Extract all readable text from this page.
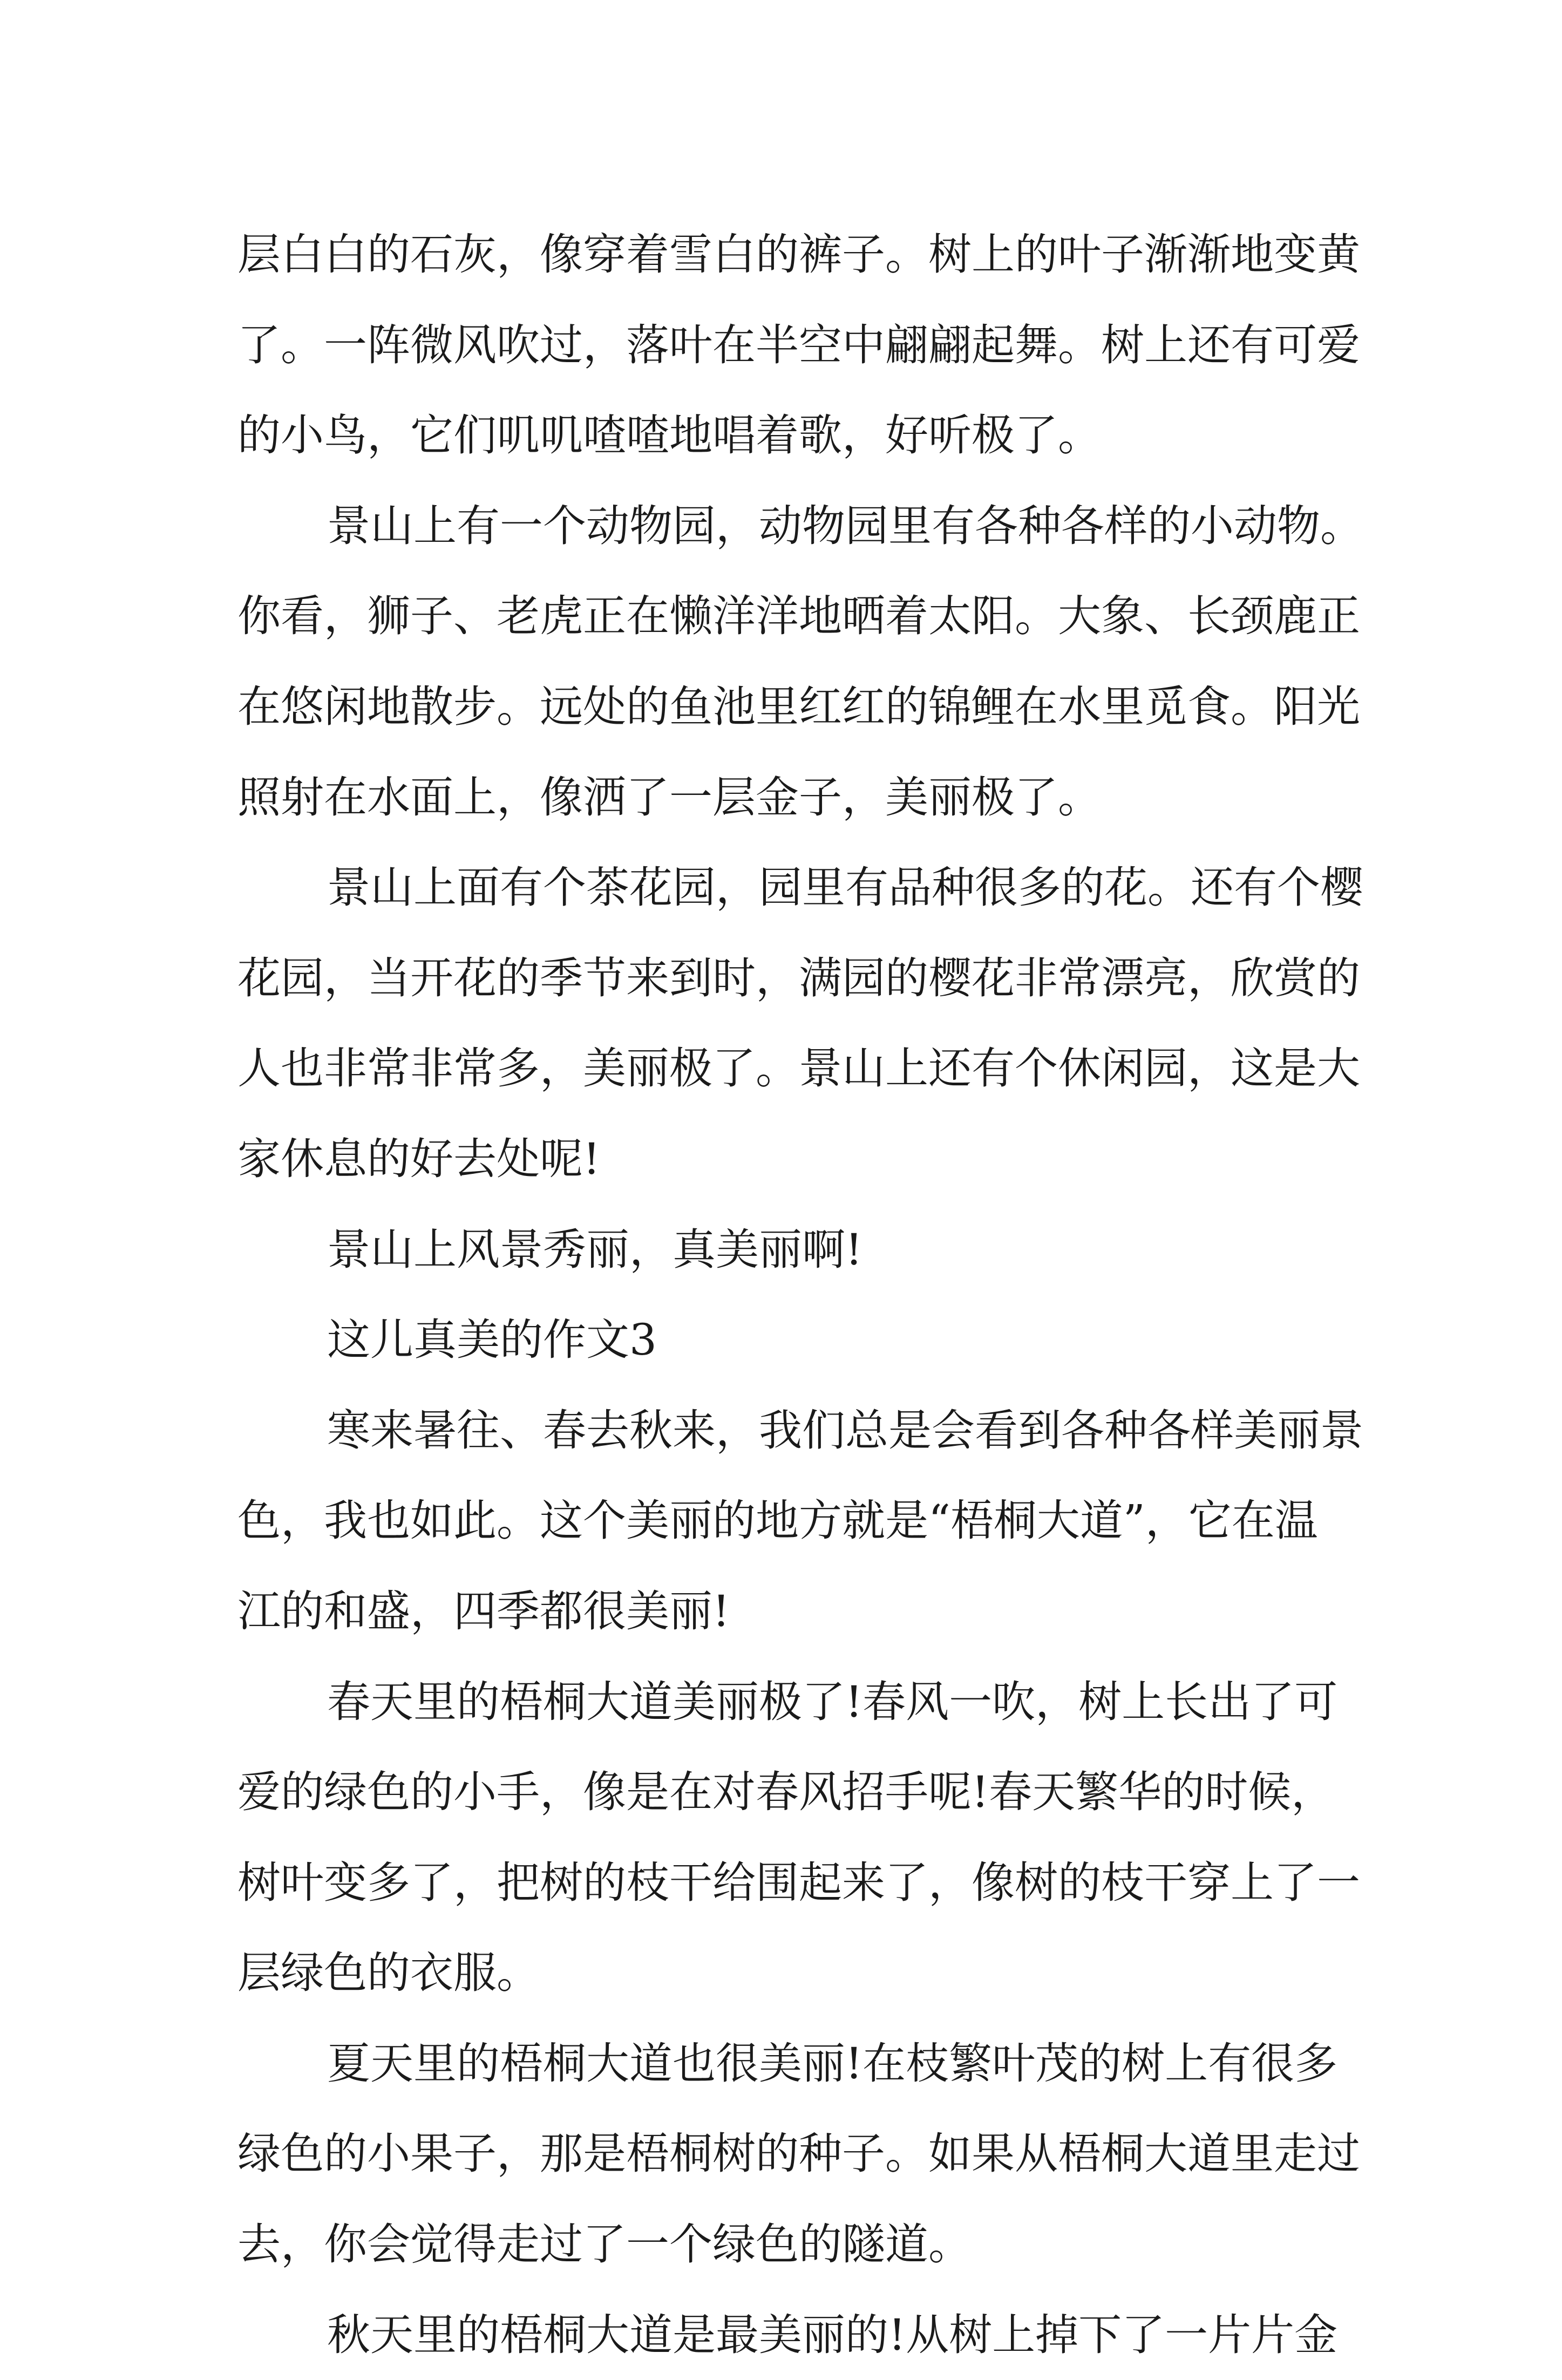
层白白的石灰，像穿着雪白的裤子。树上的叶子渐渐地变黄
了。一阵微风吹过，落叶在半空中翩翩起舞。树上还有可爱
的小鸟，它们叽叽喳喳地唱着歌，好听极了。
景山上有一个动物园，动物园里有各种各样的小动物。
你看，狮子、老虎正在懒洋洋地晒着太阳。大象、长颈鹿正
在悠闲地散步。远处的鱼池里红红的锦鲤在水里觅食。阳光
照射在水面上，像洒了一层金子，美丽极了。
景山上面有个茶花园，园里有品种很多的花。还有个樱
花园，当开花的季节来到时，满园的樱花非常漂亮，欣赏的
人也非常非常多，美丽极了。景山上还有个休闲园，这是大
家休息的好去处呢!
景山上风景秀丽，真美丽啊!
这儿真美的作文3
寒来暑往、春去秋来，我们总是会看到各种各样美丽景
色，我也如此。这个美丽的地方就是“梧桐大道”，它在温
江的和盛，四季都很美丽!
春天里的梧桐大道美丽极了!春风一吹，树上长出了可
爱的绿色的小手，像是在对春风招手呢!春天繁华的时候，
树叶变多了，把树的枝干给围起来了，像树的枝干穿上了一
层绿色的衣服。
夏天里的梧桐大道也很美丽!在枝繁叶茂的树上有很多
绿色的小果子，那是梧桐树的种子。如果从梧桐大道里走过
去，你会觉得走过了一个绿色的隧道。
秋天里的梧桐大道是最美丽的!从树上掉下了一片片金
